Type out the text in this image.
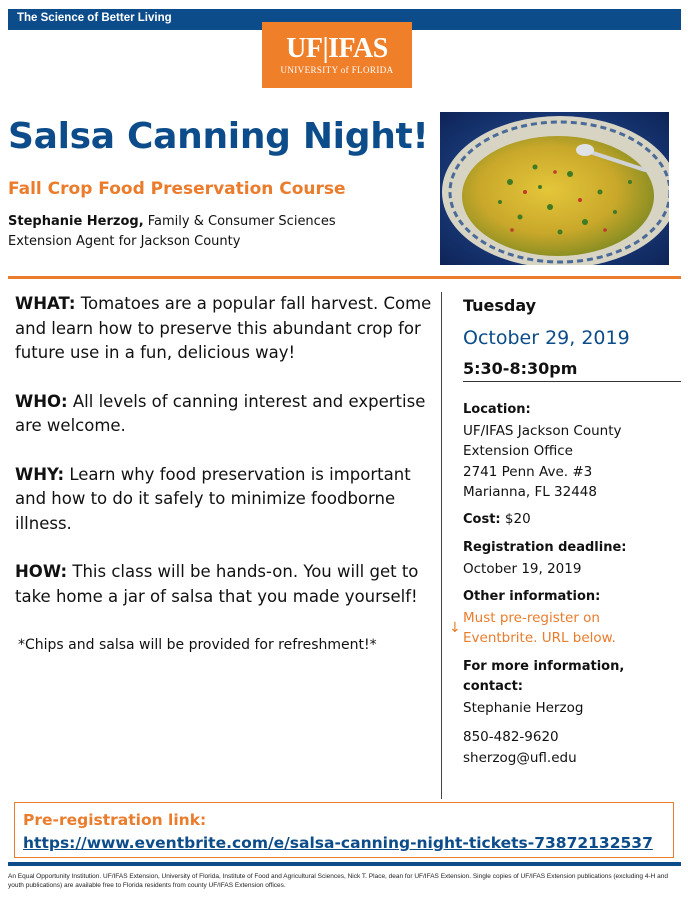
The Science of Better Living
UF|IFAS
UNIVERSITY of FLORIDA
Salsa Canning Night!
Fall Crop Food Preservation Course
Stephanie Herzog, Family & Consumer Sciences
Extension Agent for Jackson County

WHAT: Tomatoes are a popular fall harvest. Come and learn how to preserve this abundant crop for future use in a fun, delicious way!

WHO: All levels of canning interest and expertise are welcome.

WHY: Learn why food preservation is important and how to do it safely to minimize foodborne illness.

HOW: This class will be hands-on. You will get to take home a jar of salsa that you made yourself!

*Chips and salsa will be provided for refreshment!*

Tuesday
October 29, 2019
5:30-8:30pm
Location:
UF/IFAS Jackson County
Extension Office
2741 Penn Ave. #3
Marianna, FL 32448
Cost: $20
Registration deadline:
October 19, 2019
Other information:
Must pre-register on
Eventbrite. URL below.
For more information,
contact:
Stephanie Herzog
850-482-9620
sherzog@ufl.edu
↓
Pre-registration link:
https://www.eventbrite.com/e/salsa-canning-night-tickets-73872132537
An Equal Opportunity Institution. UF/IFAS Extension, University of Florida, Institute of Food and Agricultural Sciences, Nick T. Place, dean for UF/IFAS Extension. Single copies of UF/IFAS Extension publications (excluding 4-H and youth publications) are available free to Florida residents from county UF/IFAS Extension offices.
